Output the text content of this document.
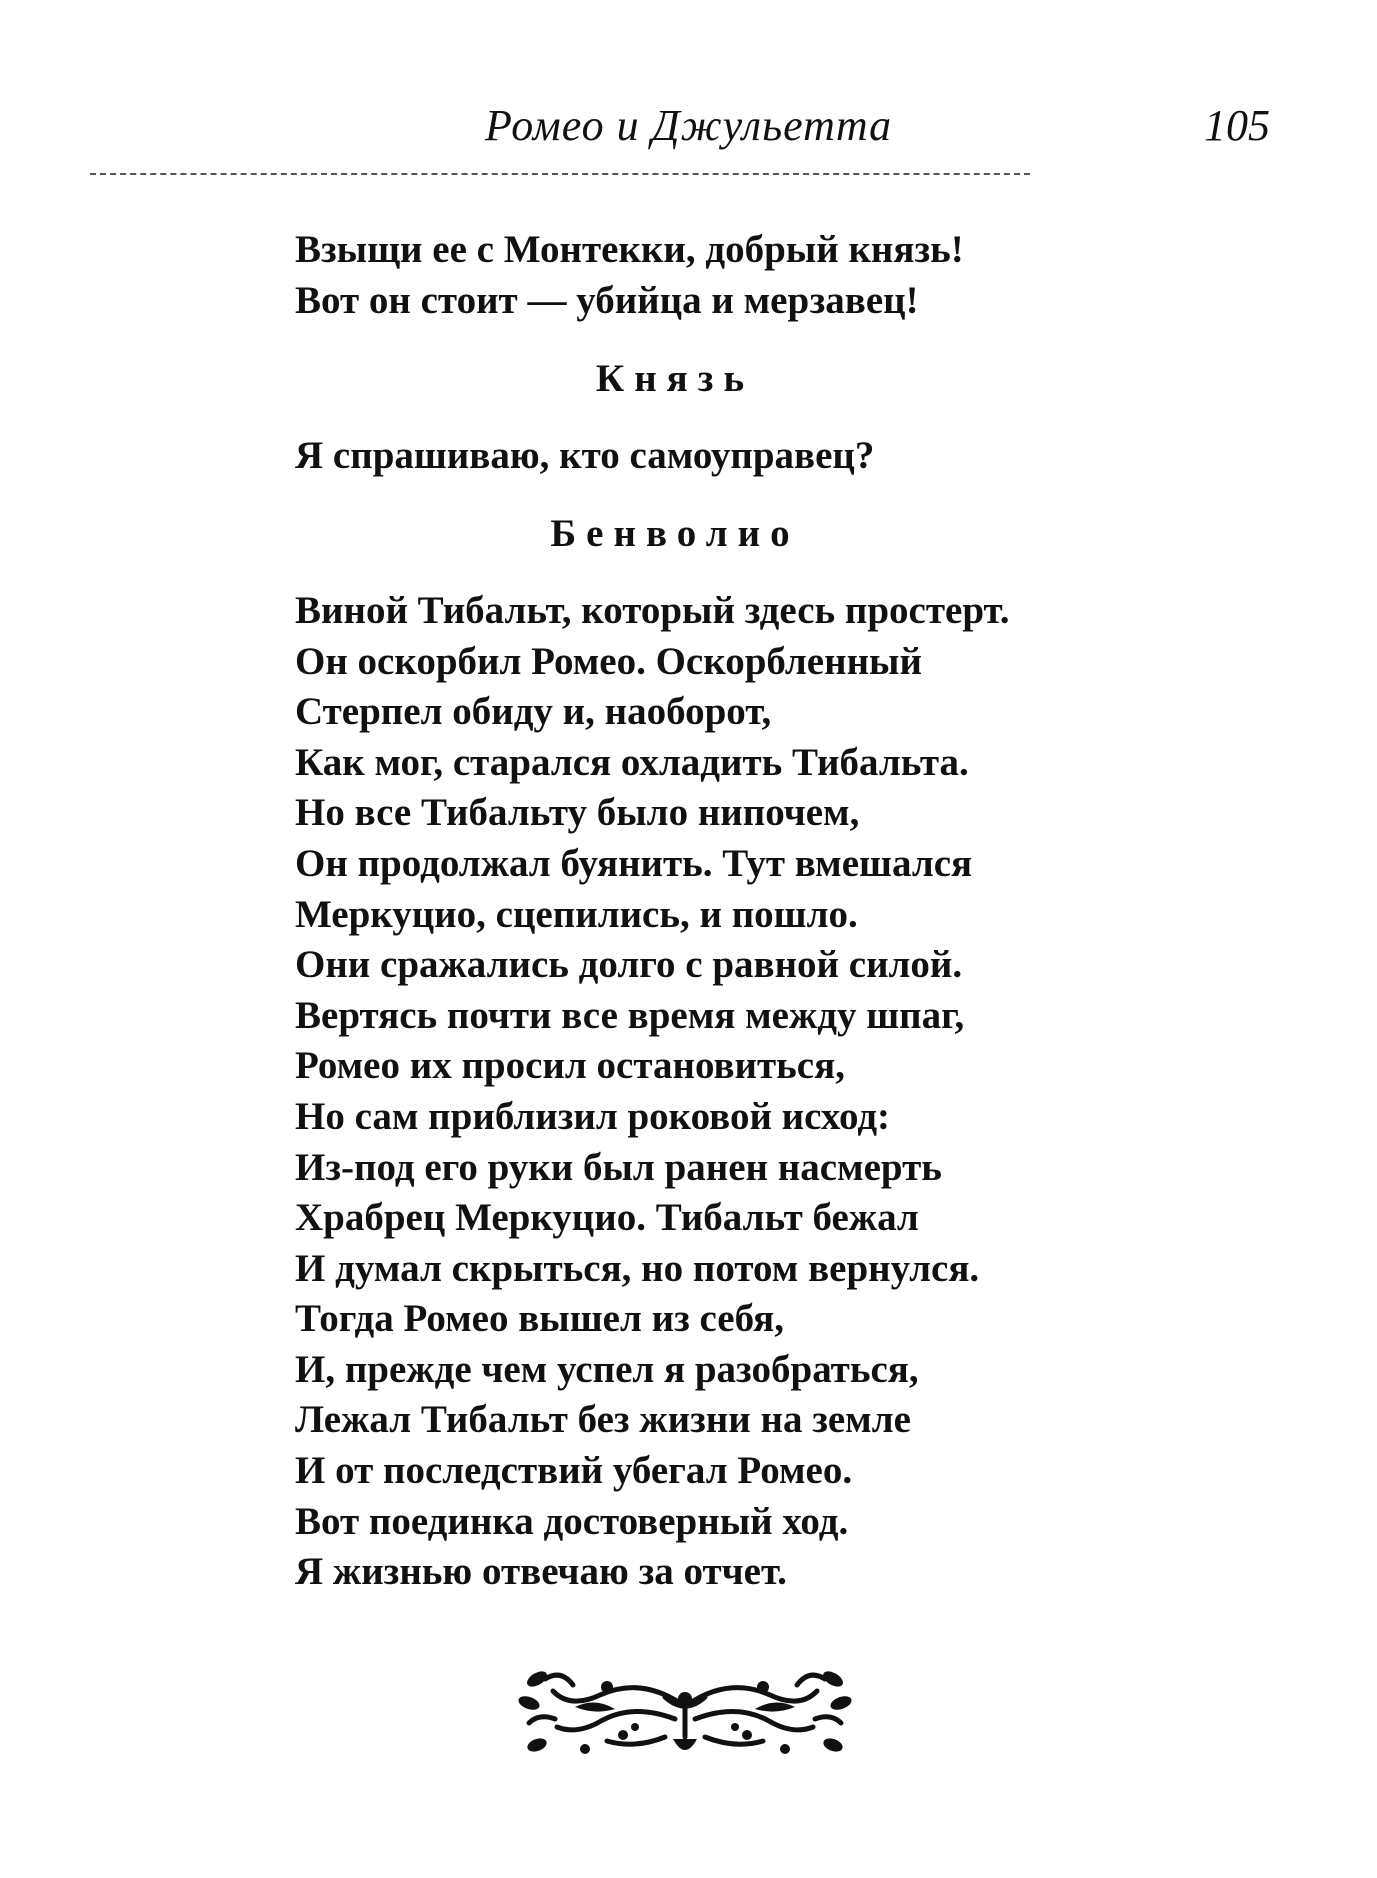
Ромео и Джульетта	105
Взыщи ее с Монтекки, добрый князь!
Вот он стоит — убийца и мерзавец!
Князь
Я спрашиваю, кто самоуправец?
Бенволио
Виной Тибальт, который здесь простерт.
Он оскорбил Ромео. Оскорбленный
Стерпел обиду и, наоборот,
Как мог, старался охладить Тибальта.
Но все Тибальту было нипочем,
Он продолжал буянить. Тут вмешался
Меркуцио, сцепились, и пошло.
Они сражались долго с равной силой.
Вертясь почти все время между шпаг,
Ромео их просил остановиться,
Но сам приблизил роковой исход:
Из-под его руки был ранен насмерть
Храбрец Меркуцио. Тибальт бежал
И думал скрыться, но потом вернулся.
Тогда Ромео вышел из себя,
И, прежде чем успел я разобраться,
Лежал Тибальт без жизни на земле
И от последствий убегал Ромео.
Вот поединка достоверный ход.
Я жизнью отвечаю за отчет.
